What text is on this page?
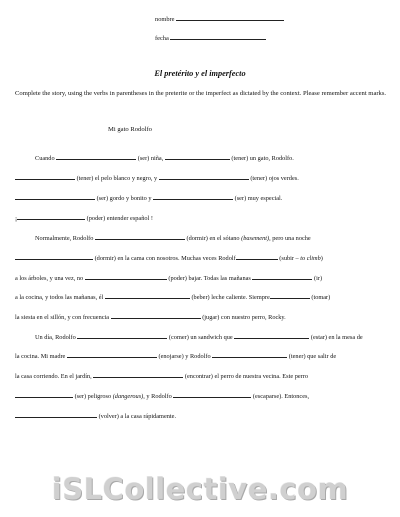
nombre
fecha
El pretérito y el imperfecto
Complete the story, using the verbs in parentheses in the preterite or the imperfect as dictated by the context. Please remember accent marks.
Mi gato Rodolfo
Cuando	(ser) niña,	(tener) un gato, Rodolfo.
(tener) el pelo blanco y negro, y	(tener) ojos verdes.
(ser) gordo y bonito y	(ser) muy especial.
¡	(poder) entender español !
Normalmente, Rodolfo	(dormir) en el sótano (basement), pero una noche
(dormir) en la cama con nosotros. Muchas veces Rodolf	(subir – to climb)
a los árboles, y una vez, no	(poder) bajar. Todas las mañanas	(ir)
a la cocina, y todos las mañanas, él	(beber) leche caliente. Siempre	(tomar)
la siesta en el sillón, y con frecuencia	(jugar) con nuestro perro, Rocky.
Un día, Rodolfo	(comer) un sandwich que	(estar) en la mesa de
la cocina. Mi madre	(enojarse) y Rodolfo	(tener) que salir de
la casa corriendo. En el jardín,	(encontrar) el perro de nuestra vecina. Este perro
(ser) peligroso (dangerous), y Rodolfo	(escaparse). Entonces,
(volver) a la casa rápidamente.
iSLCollective.com
